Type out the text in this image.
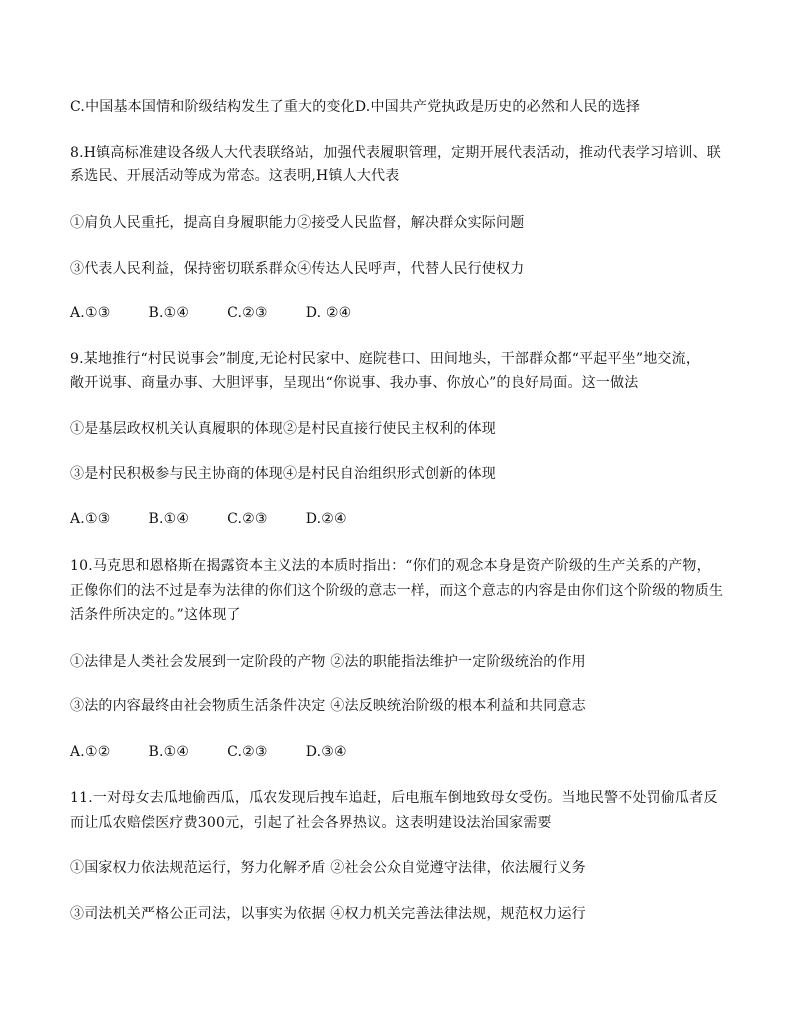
C.中国基本国情和阶级结构发生了重大的变化D.中国共产党执政是历史的必然和人民的选择
8.H镇高标准建设各级人大代表联络站，加强代表履职管理，定期开展代表活动，推动代表学习培训、联
系选民、开展活动等成为常态。这表明,H镇人大代表
①肩负人民重托，提高自身履职能力②接受人民监督，解决群众实际问题
③代表人民利益，保持密切联系群众④传达人民呼声，代替人民行使权力
A.①③	B.①④	C.②③	D. ②④
9.某地推行“村民说事会”制度,无论村民家中、庭院巷口、田间地头，干部群众都“平起平坐”地交流，
敞开说事、商量办事、大胆评事，呈现出“你说事、我办事、你放心”的良好局面。这一做法
①是基层政权机关认真履职的体现②是村民直接行使民主权利的体现
③是村民积极参与民主协商的体现④是村民自治组织形式创新的体现
A.①③	B.①④	C.②③	D.②④
10.马克思和恩格斯在揭露资本主义法的本质时指出：“你们的观念本身是资产阶级的生产关系的产物，
正像你们的法不过是奉为法律的你们这个阶级的意志一样，而这个意志的内容是由你们这个阶级的物质生
活条件所决定的。”这体现了
①法律是人类社会发展到一定阶段的产物 ②法的职能指法维护一定阶级统治的作用
③法的内容最终由社会物质生活条件决定 ④法反映统治阶级的根本利益和共同意志
A.①②	B.①④	C.②③	D.③④
11.一对母女去瓜地偷西瓜，瓜农发现后拽车追赶，后电瓶车倒地致母女受伤。当地民警不处罚偷瓜者反
而让瓜农赔偿医疗费300元，引起了社会各界热议。这表明建设法治国家需要
①国家权力依法规范运行，努力化解矛盾 ②社会公众自觉遵守法律，依法履行义务
③司法机关严格公正司法，以事实为依据 ④权力机关完善法律法规，规范权力运行
